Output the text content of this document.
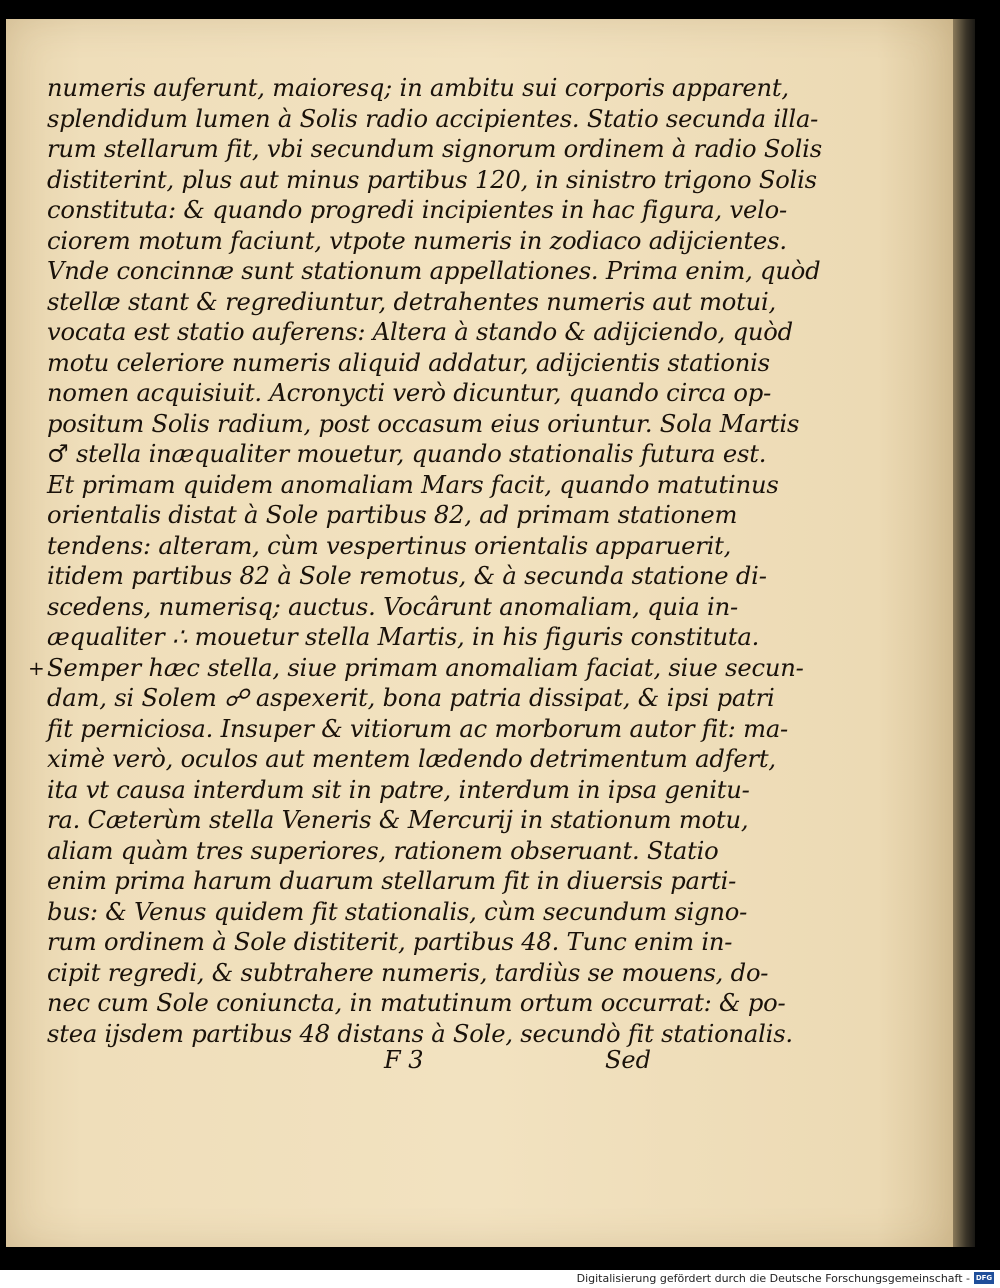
numeris auferunt, maioresq; in ambitu sui corporis apparent,
splendidum lumen à Solis radio accipientes. Statio secunda illa-
rum stellarum fit, vbi secundum signorum ordinem à radio Solis
distiterint, plus aut minus partibus 120, in sinistro trigono Solis
constituta: & quando progredi incipientes in hac figura, velo-
ciorem motum faciunt, vtpote numeris in zodiaco adijcientes.
Vnde concinnæ sunt stationum appellationes. Prima enim, quòd
stellæ stant & regrediuntur, detrahentes numeris aut motui,
vocata est statio auferens: Altera à stando & adijciendo, quòd
motu celeriore numeris aliquid addatur, adijcientis stationis
nomen acquisiuit. Acronycti verò dicuntur, quando circa op-
positum Solis radium, post occasum eius oriuntur. Sola Martis
♂ stella inæqualiter mouetur, quando stationalis futura est.
Et primam quidem anomaliam Mars facit, quando matutinus
orientalis distat à Sole partibus 82, ad primam stationem
tendens: alteram, cùm vespertinus orientalis apparuerit,
itidem partibus 82 à Sole remotus, & à secunda statione di-
scedens, numerisq; auctus. Vocârunt anomaliam, quia in-
æqualiter ∴ mouetur stella Martis, in his figuris constituta.
+ Semper hæc stella, siue primam anomaliam faciat, siue secun-
dam, si Solem ☍ aspexerit, bona patria dissipat, & ipsi patri
fit perniciosa. Insuper & vitiorum ac morborum autor fit: ma-
ximè verò, oculos aut mentem lædendo detrimentum adfert,
ita vt causa interdum sit in patre, interdum in ipsa genitu-
ra. Cæterùm stella Veneris & Mercurij in stationum motu,
aliam quàm tres superiores, rationem obseruant. Statio
enim prima harum duarum stellarum fit in diuersis parti-
bus: & Venus quidem fit stationalis, cùm secundum signo-
rum ordinem à Sole distiterit, partibus 48. Tunc enim in-
cipit regredi, & subtrahere numeris, tardiùs se mouens, do-
nec cum Sole coniuncta, in matutinum ortum occurrat: & po-
stea ijsdem partibus 48 distans à Sole, secundò fit stationalis.
F 3	Sed
Digitalisierung gefördert durch die Deutsche Forschungsgemeinschaft - DFG
